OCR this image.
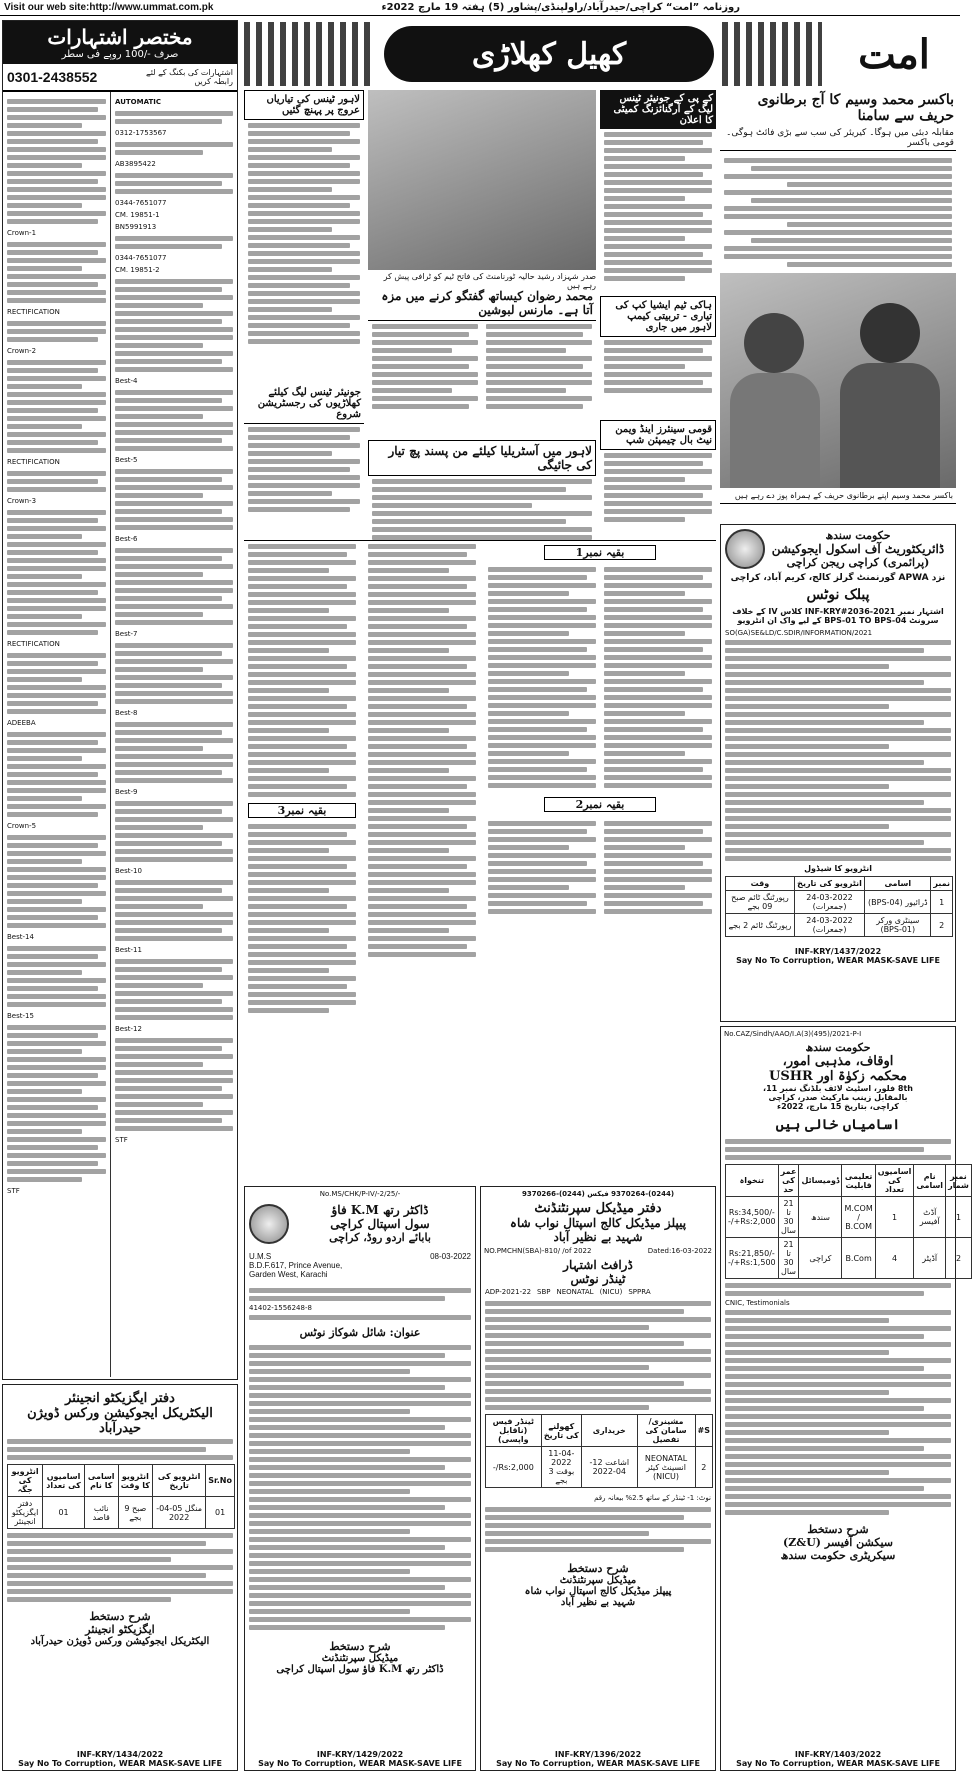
Visit our web site:http://www.ummat.com.pk	روزنامہ ”امت“ کراچی/حیدرآباد/راولپنڈی/پشاور (5) ہفتہ 19 مارچ 2022ء
کھیل کھلاڑی	امت
مختصر اشتہارات
صرف -/100 روپے فی سطر
0301-2438552	اشتہارات کی بکنگ کے لئے رابطہ کریں
Crown-1
RECTIFICATION
Crown-2
RECTIFICATION
Crown-3
RECTIFICATION
ADEEBA
Crown-5
Best-14
Best-15
STF
AUTOMATIC
0312-1753567
AB3895422
0344-7651077
CM. 19851-1
BN5991913
0344-7651077
CM. 19851-2
Best-4
Best-5
Best-6
Best-7
Best-8
Best-9
Best-10
Best-11
Best-12
STF
باکسر محمد وسیم کا آج برطانوی حریف سے سامنا
مقابلہ دبئی میں ہوگا۔ کیریئر کی سب سے بڑی فائٹ ہوگی۔ قومی باکسر
باکسر محمد وسیم اپنے برطانوی حریف کے ہمراہ پوز دے رہے ہیں
صدر شہزاد رشید حالیہ ٹورنامنٹ کی فاتح ٹیم کو ٹرافی پیش کر رہے ہیں
کے پی کے جونیئر ٹینس لیگ کے آرگنائزنگ کمیٹی کا اعلان
لاہور ٹینس کی تیاریاں عروج پر پہنچ گئیں
ہاکی ٹیم ایشیا کپ کی تیاری - تربیتی کیمپ لاہور میں جاری
محمد رضوان کیساتھ گفتگو کرنے میں مزہ آتا ہے۔ مارنس لبوشین
جونیئر ٹینس لیگ کیلئے کھلاڑیوں کی رجسٹریشن شروع
قومی سینئرز اینڈ ویمن نیٹ بال چیمپئن شپ
لاہور میں آسٹریلیا کیلئے من پسند پچ تیار کی جائیگی
بقیہ نمبر3
بقیہ نمبر1
بقیہ نمبر2
حکومت سندھ
ڈائریکٹوریٹ آف اسکول ایجوکیشن
(پرائمری) کراچی ریجن کراچی
نزد APWA گورنمنٹ گرلز کالج، کریم آباد، کراچی
پبلک نوٹس
اشتہار نمبر INF-KRY#2036-2021 کلاس IV کے خلاف
سرونٹ BPS-01 TO BPS-04 کے لیے واک ان انٹرویو
SO(GA)SE&LD/C.SDIR/INFORMATION/2021
انٹرویو کا شیڈول
نمبر	اسامی	انٹرویو کی تاریخ	وقت
1	ڈرائیور (BPS-04)	24-03-2022 (جمعرات)	رپورٹنگ ٹائم صبح 09 بجے
2	سینٹری ورکر (BPS-01)	24-03-2022 (جمعرات)	رپورٹنگ ٹائم 2 بجے
INF-KRY/1437/2022
Say No To Corruption, WEAR MASK-SAVE LIFE
No.CAZ/Sindh/AAO/I.A(3)(495)/2021-P-I
حکومت سندھ
اوقاف، مذہبی امور،
محکمہ زکوٰۃ اور USHR
8th فلور، اسٹیٹ لائف بلڈنگ نمبر 11،
بالمقابل زینب مارکیٹ صدر، کراچی
کراچی، بتاریخ 15 مارچ، 2022ء
اسامیاں خالی ہیں
نمبر شمار	نام اسامی	اسامیوں کی تعداد	تعلیمی قابلیت	ڈومیسائل	عمر کی حد	تنخواہ
1	آڈٹ آفیسر	1	M.COM / B.COM	سندھ	21 تا 30 سال	Rs:34,500/- +Rs:2,000/-
2	آڈیٹر	4	B.Com	کراچی	21 تا 30 سال	Rs:21,850/- +Rs:1,500/-
CNIC, Testimonials
شرح دستخط
سیکشن آفیسر (Z&U)
سیکریٹری حکومت سندھ
INF-KRY/1403/2022
Say No To Corruption, WEAR MASK-SAVE LIFE
(0244)-9370264 فیکس (0244)-9370266
دفتر میڈیکل سپرنٹنڈنٹ
پیپلز میڈیکل کالج اسپتال نواب شاہ
شہید بے نظیر آباد
NO.PMCHN(SBA)-810/ /of 2022	Dated:16-03-2022
ڈرافٹ اشتہار
ٹینڈر نوٹس
ADP-2021-22 SBP NEONATAL (NICU) SPPRA
S#	مشینری/ سامان کی تفصیل	خریداری	کھولنے کی تاریخ	ٹینڈر فیس (ناقابل واپسی)
2	NEONATAL انسینٹ کیئر (NICU)	اشاعت 12-04-2022	11-04-2022 بوقت 3 بجے	Rs:2,000/-
نوٹ: 1- ٹینڈر کے ساتھ 2.5% بیعانہ رقم
شرح دستخط
میڈیکل سپرنٹنڈنٹ
پیپلز میڈیکل کالج اسپتال نواب شاہ
شہید بے نظیر آباد
INF-KRY/1396/2022
Say No To Corruption, WEAR MASK-SAVE LIFE
No.MS/CHK/P-IV/-2/25/-
ڈاکٹر رتھ K.M فاؤ
سول اسپتال کراچی
بابائے اردو روڈ، کراچی
U.M.S	08-03-2022
B.D.F.617, Prince Avenue,
Garden West, Karachi
41402-1556248-8
عنوان: شائل شوکاز نوٹس
شرح دستخط
میڈیکل سپرنٹنڈنٹ
ڈاکٹر رتھ K.M فاؤ سول اسپتال کراچی
INF-KRY/1429/2022
Say No To Corruption, WEAR MASK-SAVE LIFE
دفتر ایگزیکٹو انجینئر
الیکٹریکل ایجوکیشن ورکس ڈویژن
حیدرآباد
Sr.No	انٹرویو کی تاریخ	انٹرویو کا وقت	اسامی کا نام	اسامیوں کی تعداد	انٹرویو کی جگہ
01	منگل 05-04-2022	صبح 9 بجے	نائب قاصد	01	دفتر ایگزیکٹو انجینئر
شرح دستخط
ایگزیکٹو انجینئر
الیکٹریکل ایجوکیشن ورکس ڈویژن حیدرآباد
INF-KRY/1434/2022
Say No To Corruption, WEAR MASK-SAVE LIFE
